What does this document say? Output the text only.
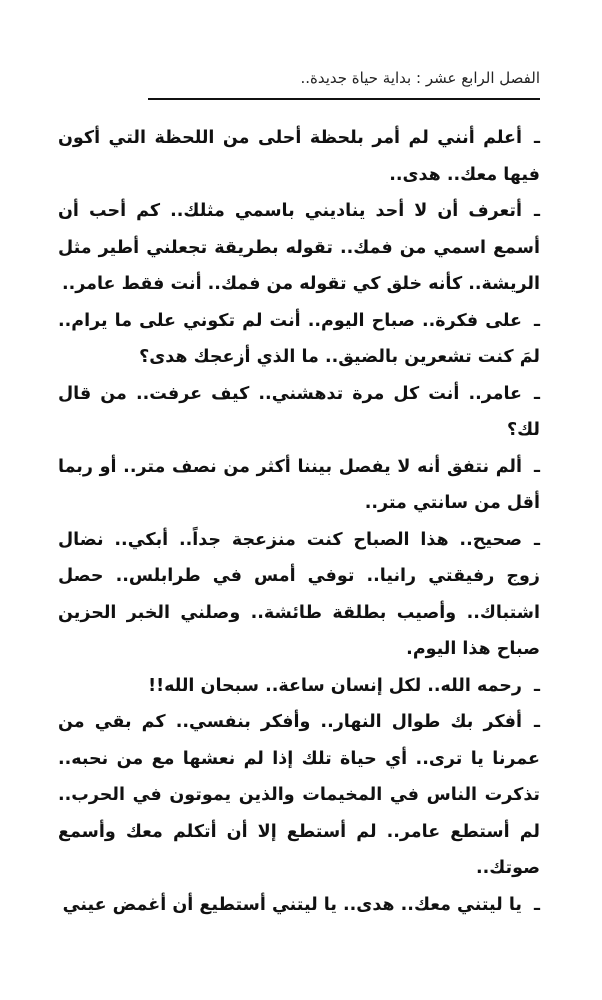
الفصل الرابع عشر : بداية حياة جديدة..

ـأعلم أنني لم أمر بلحظة أحلى من اللحظة التي أكون فيها معك.. هدى..

ـأتعرف أن لا أحد يناديني باسمي مثلك.. كم أحب أن أسمع اسمي من فمك.. تقوله بطريقة تجعلني أطير مثل الريشة.. كأنه خلق كي تقوله من فمك.. أنت فقط عامر..

ـعلى فكرة.. صباح اليوم.. أنت لم تكوني على ما يرام.. لمَ كنت تشعرين بالضيق.. ما الذي أزعجك هدى؟

ـعامر.. أنت كل مرة تدهشني.. كيف عرفت.. من قال لك؟

ـألم نتفق أنه لا يفصل بيننا أكثر من نصف متر.. أو ربما أقل من سانتي متر..

ـصحيح.. هذا الصباح كنت منزعجة جداً.. أبكي.. نضال زوج رفيقتي رانيا.. توفي أمس في طرابلس.. حصل اشتباك.. وأصيب بطلقة طائشة.. وصلني الخبر الحزين صباح هذا اليوم.

ـرحمه الله.. لكل إنسان ساعة.. سبحان الله!!

ـأفكر بك طوال النهار.. وأفكر بنفسي.. كم بقي من عمرنا يا ترى.. أي حياة تلك إذا لم نعشها مع من نحبه.. تذكرت الناس في المخيمات والذين يموتون في الحرب.. لم أستطع عامر.. لم أستطع إلا أن أتكلم معك وأسمع صوتك..

ـيا ليتني معك.. هدى.. يا ليتني أستطيع أن أغمض عيني
